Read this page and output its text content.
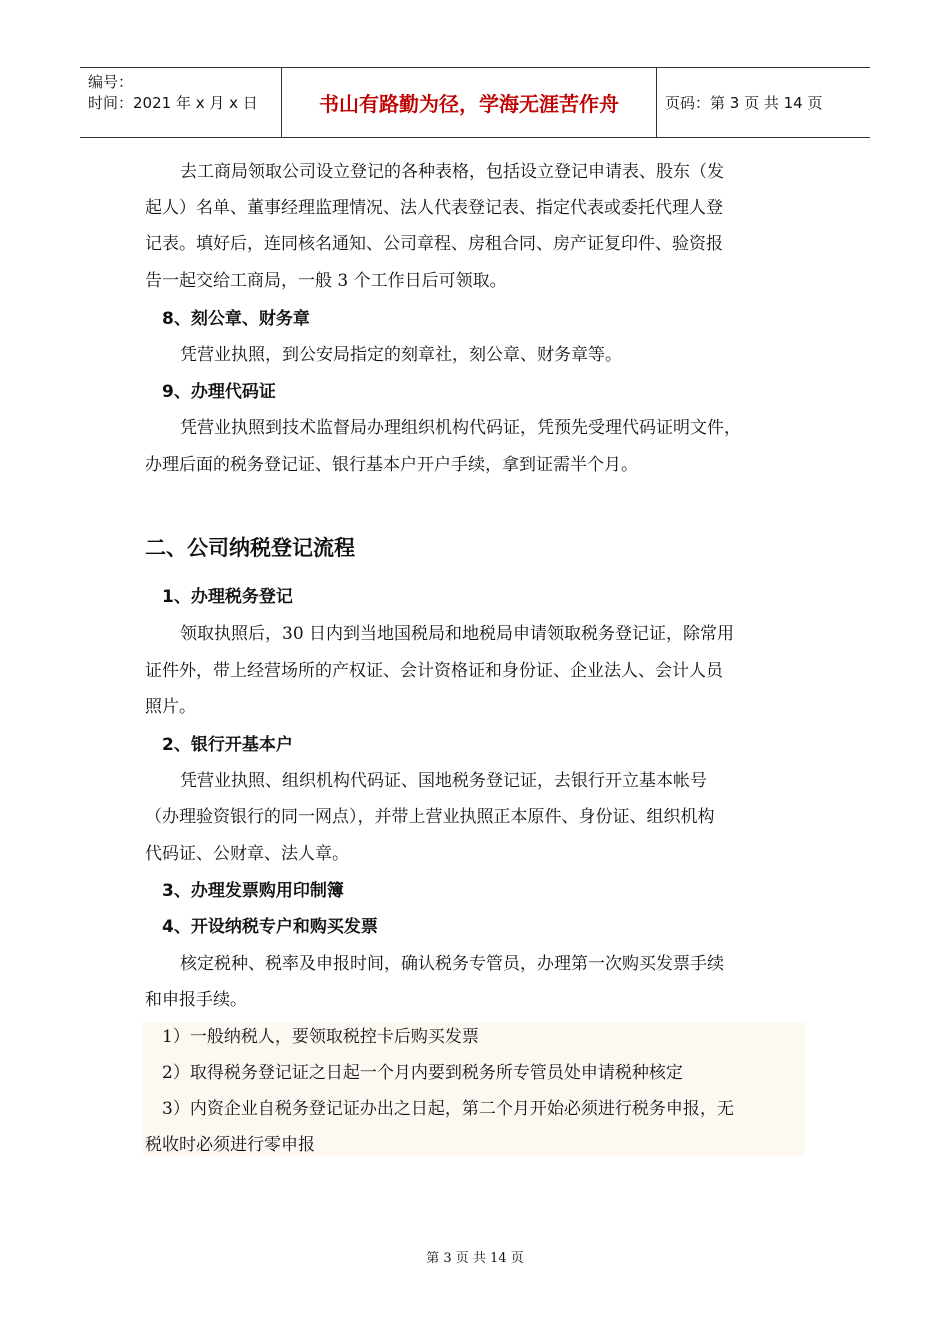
编号：
时间：2021 年 x 月 x 日	书山有路勤为径，学海无涯苦作舟	页码：第 3 页 共 14 页
去工商局领取公司设立登记的各种表格，包括设立登记申请表、股东（发
起人）名单、董事经理监理情况、法人代表登记表、指定代表或委托代理人登
记表。填好后，连同核名通知、公司章程、房租合同、房产证复印件、验资报
告一起交给工商局，一般 3 个工作日后可领取。
8、刻公章、财务章
凭营业执照，到公安局指定的刻章社，刻公章、财务章等。
9、办理代码证
凭营业执照到技术监督局办理组织机构代码证，凭预先受理代码证明文件，
办理后面的税务登记证、银行基本户开户手续，拿到证需半个月。
二、公司纳税登记流程
1、办理税务登记
领取执照后，30 日内到当地国税局和地税局申请领取税务登记证，除常用
证件外，带上经营场所的产权证、会计资格证和身份证、企业法人、会计人员
照片。
2、银行开基本户
凭营业执照、组织机构代码证、国地税务登记证，去银行开立基本帐号
（办理验资银行的同一网点），并带上营业执照正本原件、身份证、组织机构
代码证、公财章、法人章。
3、办理发票购用印制簿
4、开设纳税专户和购买发票
核定税种、税率及申报时间，确认税务专管员，办理第一次购买发票手续
和申报手续。
1）一般纳税人，要领取税控卡后购买发票
2）取得税务登记证之日起一个月内要到税务所专管员处申请税种核定
3）内资企业自税务登记证办出之日起，第二个月开始必须进行税务申报，无
税收时必须进行零申报
第 3 页 共 14 页
